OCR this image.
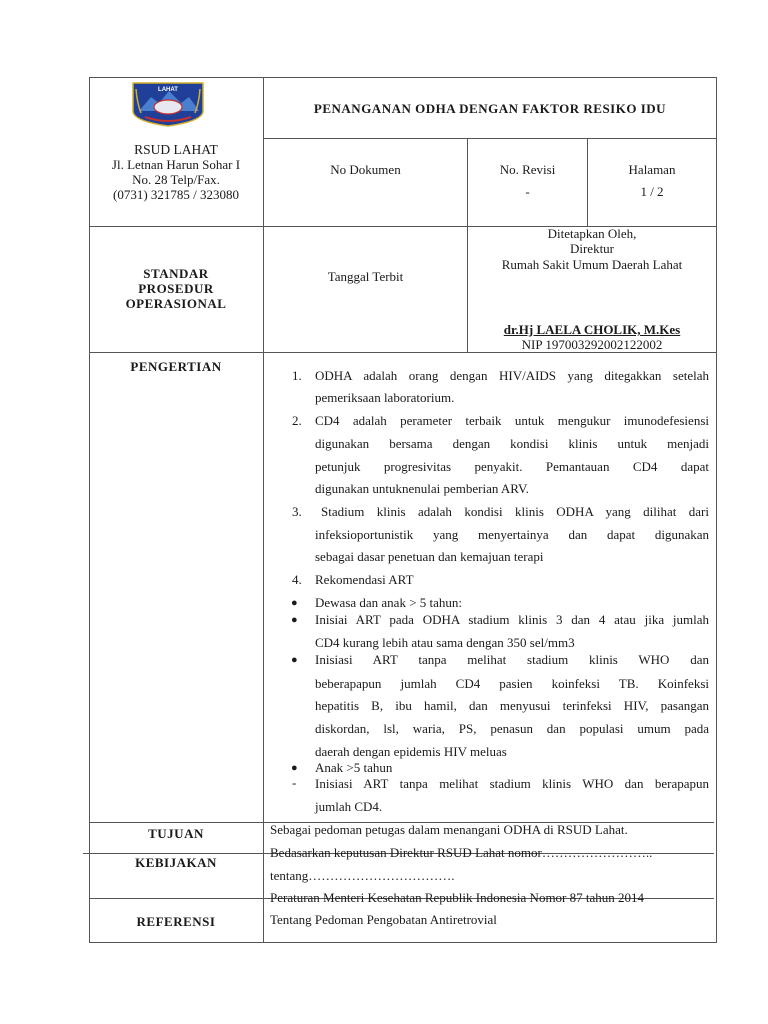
LAHAT
RSUD LAHAT
Jl. Letnan Harun Sohar I
No. 28 Telp/Fax.
(0731) 321785 / 323080
PENANGANAN ODHA DENGAN FAKTOR RESIKO IDU
No Dokumen	No. Revisi
-
Halaman
1 / 2
STANDAR
PROSEDUR
OPERASIONAL
Tanggal Terbit
Ditetapkan Oleh,
Direktur
Rumah Sakit Umum Daerah Lahat
dr.Hj LAELA CHOLIK, M.Kes
NIP 197003292002122002
PENGERTIAN
1. ODHA adalah orang dengan HIV/AIDS yang ditegakkan setelah
pemeriksaan laboratorium.
2. CD4 adalah perameter terbaik untuk mengukur imunodefesiensi
digunakan bersama dengan kondisi klinis untuk menjadi
petunjuk progresivitas penyakit. Pemantauan CD4 dapat
digunakan untuknenulai pemberian ARV.
3. Stadium klinis adalah kondisi klinis ODHA yang dilihat dari
infeksioportunistik yang menyertainya dan dapat digunakan
sebagai dasar penetuan dan kemajuan terapi
4. Rekomendasi ART
● Dewasa dan anak > 5 tahun:
● Inisiai ART pada ODHA stadium klinis 3 dan 4 atau jika jumlah
CD4 kurang lebih atau sama dengan 350 sel/mm3
● Inisiasi ART tanpa melihat stadium klinis WHO dan
beberapapun jumlah CD4 pasien koinfeksi TB. Koinfeksi
hepatitis B, ibu hamil, dan menyusui terinfeksi HIV, pasangan
diskordan, lsl, waria, PS, penasun dan populasi umum pada
daerah dengan epidemis HIV meluas
● Anak >5 tahun
- Inisiasi ART tanpa melihat stadium klinis WHO dan berapapun
jumlah CD4.
TUJUAN	Sebagai pedoman petugas dalam menangani ODHA di RSUD Lahat.
KEBIJAKAN
Bedasarkan keputusan Direktur RSUD Lahat nomor……………………..
tentang…………………………….
REFERENSI
Peraturan Menteri Kesehatan Republik Indonesia Nomor 87 tahun 2014
Tentang Pedoman Pengobatan Antiretrovial
